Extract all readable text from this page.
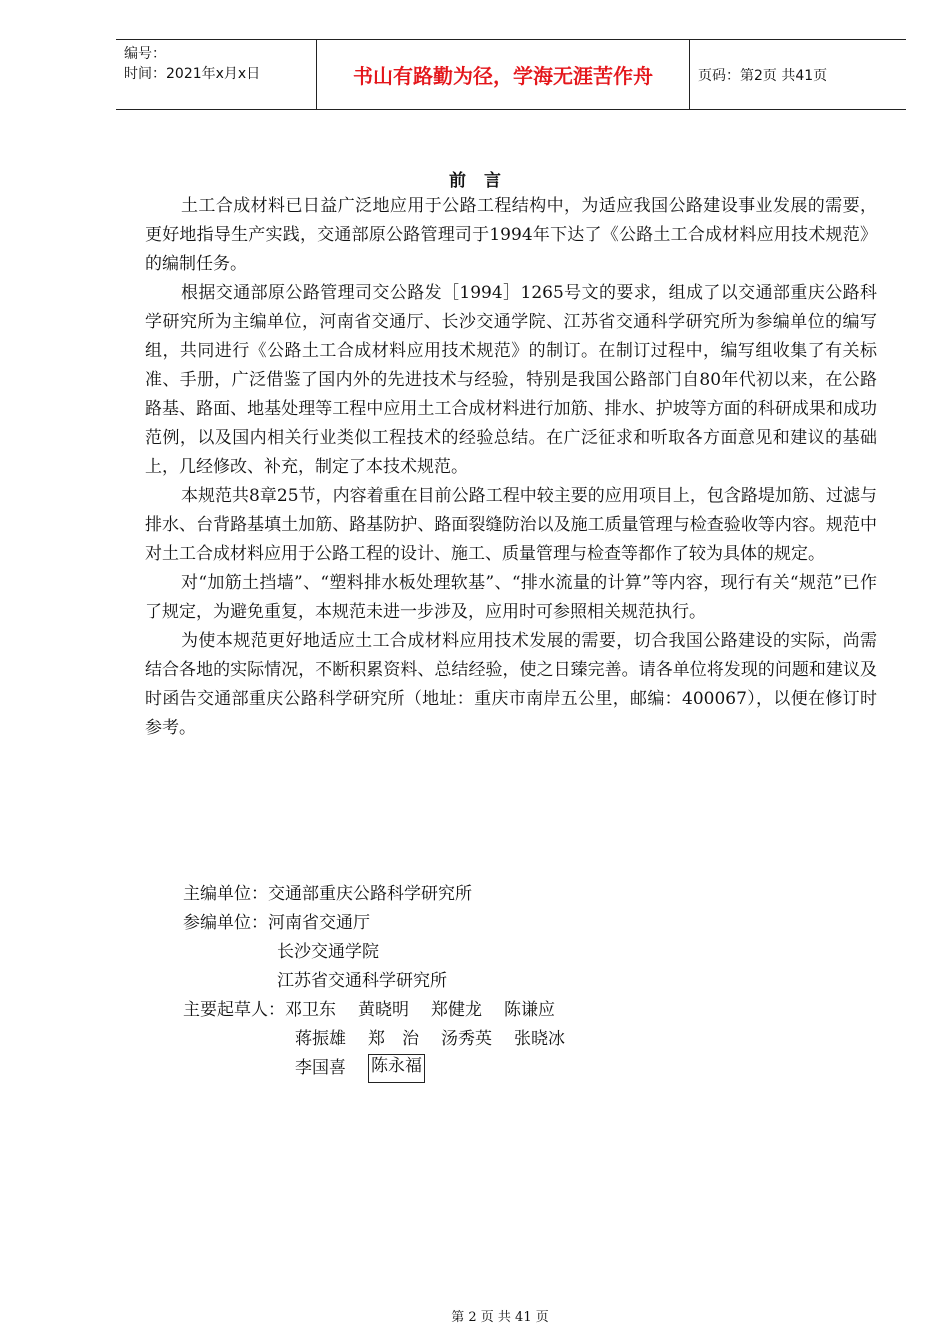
编号：
时间：2021年x月x日	书山有路勤为径，学海无涯苦作舟	页码：第2页 共41页
前言

土工合成材料已日益广泛地应用于公路工程结构中，为适应我国公路建设事业发展的需要，更好地指导生产实践，交通部原公路管理司于1994年下达了《公路土工合成材料应用技术规范》的编制任务。

根据交通部原公路管理司交公路发［1994］1265号文的要求，组成了以交通部重庆公路科学研究所为主编单位，河南省交通厅、长沙交通学院、江苏省交通科学研究所为参编单位的编写组，共同进行《公路土工合成材料应用技术规范》的制订。在制订过程中，编写组收集了有关标准、手册，广泛借鉴了国内外的先进技术与经验，特别是我国公路部门自80年代初以来，在公路路基、路面、地基处理等工程中应用土工合成材料进行加筋、排水、护坡等方面的科研成果和成功范例，以及国内相关行业类似工程技术的经验总结。在广泛征求和听取各方面意见和建议的基础上，几经修改、补充，制定了本技术规范。

本规范共8章25节，内容着重在目前公路工程中较主要的应用项目上，包含路堤加筋、过滤与排水、台背路基填土加筋、路基防护、路面裂缝防治以及施工质量管理与检查验收等内容。规范中对土工合成材料应用于公路工程的设计、施工、质量管理与检查等都作了较为具体的规定。

对“加筋土挡墙”、“塑料排水板处理软基”、“排水流量的计算”等内容，现行有关“规范”已作了规定，为避免重复，本规范未进一步涉及，应用时可参照相关规范执行。

为使本规范更好地适应土工合成材料应用技术发展的需要，切合我国公路建设的实际，尚需结合各地的实际情况，不断积累资料、总结经验，使之日臻完善。请各单位将发现的问题和建议及时函告交通部重庆公路科学研究所（地址：重庆市南岸五公里，邮编：400067），以便在修订时参考。

主编单位： 交通部重庆公路科学研究所
参编单位： 河南省交通厅
长沙交通学院
江苏省交通科学研究所
主要起草人： 邓卫东 黄晓明 郑健龙 陈谦应
蒋振雄 郑　治 汤秀英 张晓冰
李国喜 陈永福
第 2 页 共 41 页
